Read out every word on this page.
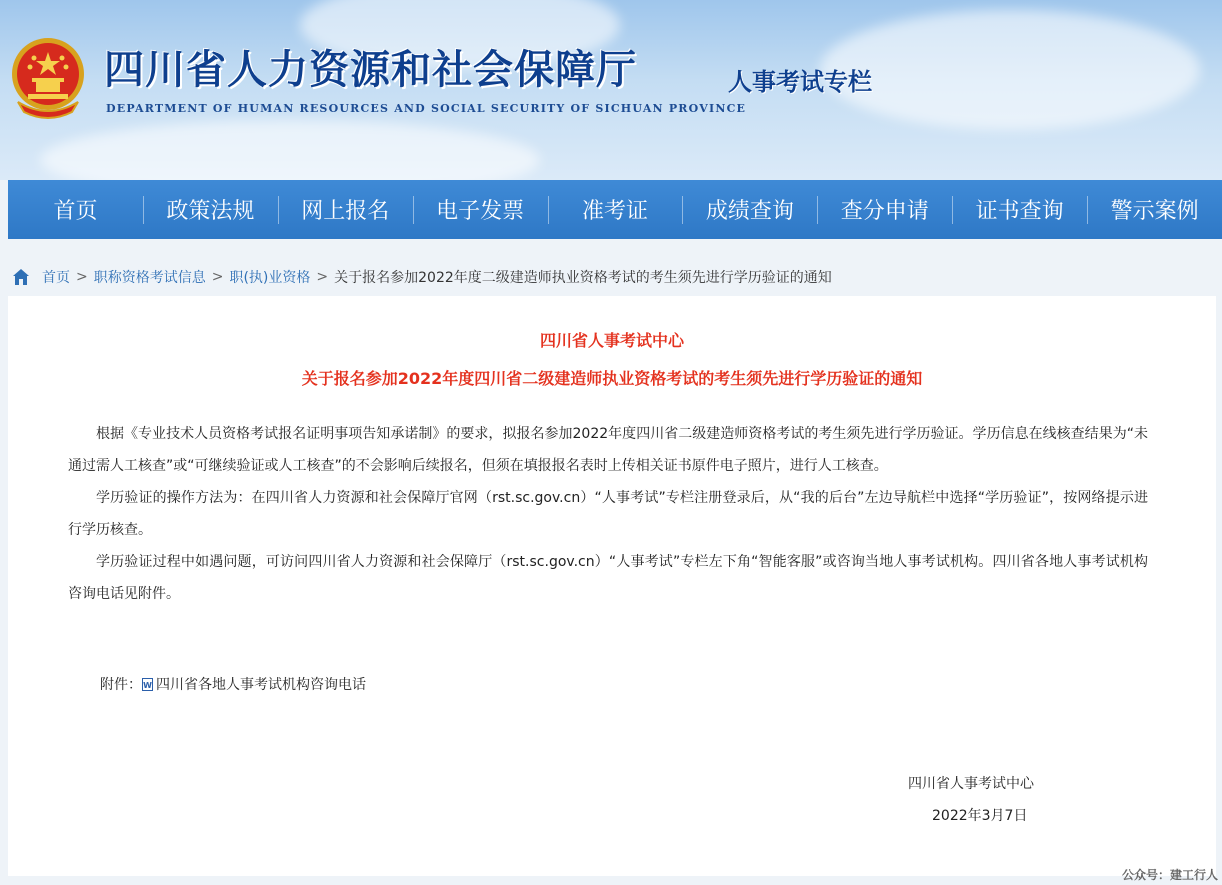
四川省人力资源和社会保障厅
DEPARTMENT OF HUMAN RESOURCES AND SOCIAL SECURITY OF SICHUAN PROVINCE
人事考试专栏
首页	政策法规	网上报名	电子发票	准考证	成绩查询	查分申请	证书查询	警示案例
首页 > 职称资格考试信息 > 职(执)业资格 > 关于报名参加2022年度二级建造师执业资格考试的考生须先进行学历验证的通知
四川省人事考试中心
关于报名参加2022年度四川省二级建造师执业资格考试的考生须先进行学历验证的通知

根据《专业技术人员资格考试报名证明事项告知承诺制》的要求，拟报名参加2022年度四川省二级建造师资格考试的考生须先进行学历验证。学历信息在线核查结果为“未通过需人工核查”或“可继续验证或人工核查”的不会影响后续报名，但须在填报报名表时上传相关证书原件电子照片，进行人工核查。

学历验证的操作方法为：在四川省人力资源和社会保障厅官网（rst.sc.gov.cn）“人事考试”专栏注册登录后，从“我的后台”左边导航栏中选择“学历验证”，按网络提示进行学历核查。

学历验证过程中如遇问题，可访问四川省人力资源和社会保障厅（rst.sc.gov.cn）“人事考试”专栏左下角“智能客服”或咨询当地人事考试机构。四川省各地人事考试机构咨询电话见附件。

附件： W 四川省各地人事考试机构咨询电话
四川省人事考试中心
2022年3月7日
公众号：建工行人
